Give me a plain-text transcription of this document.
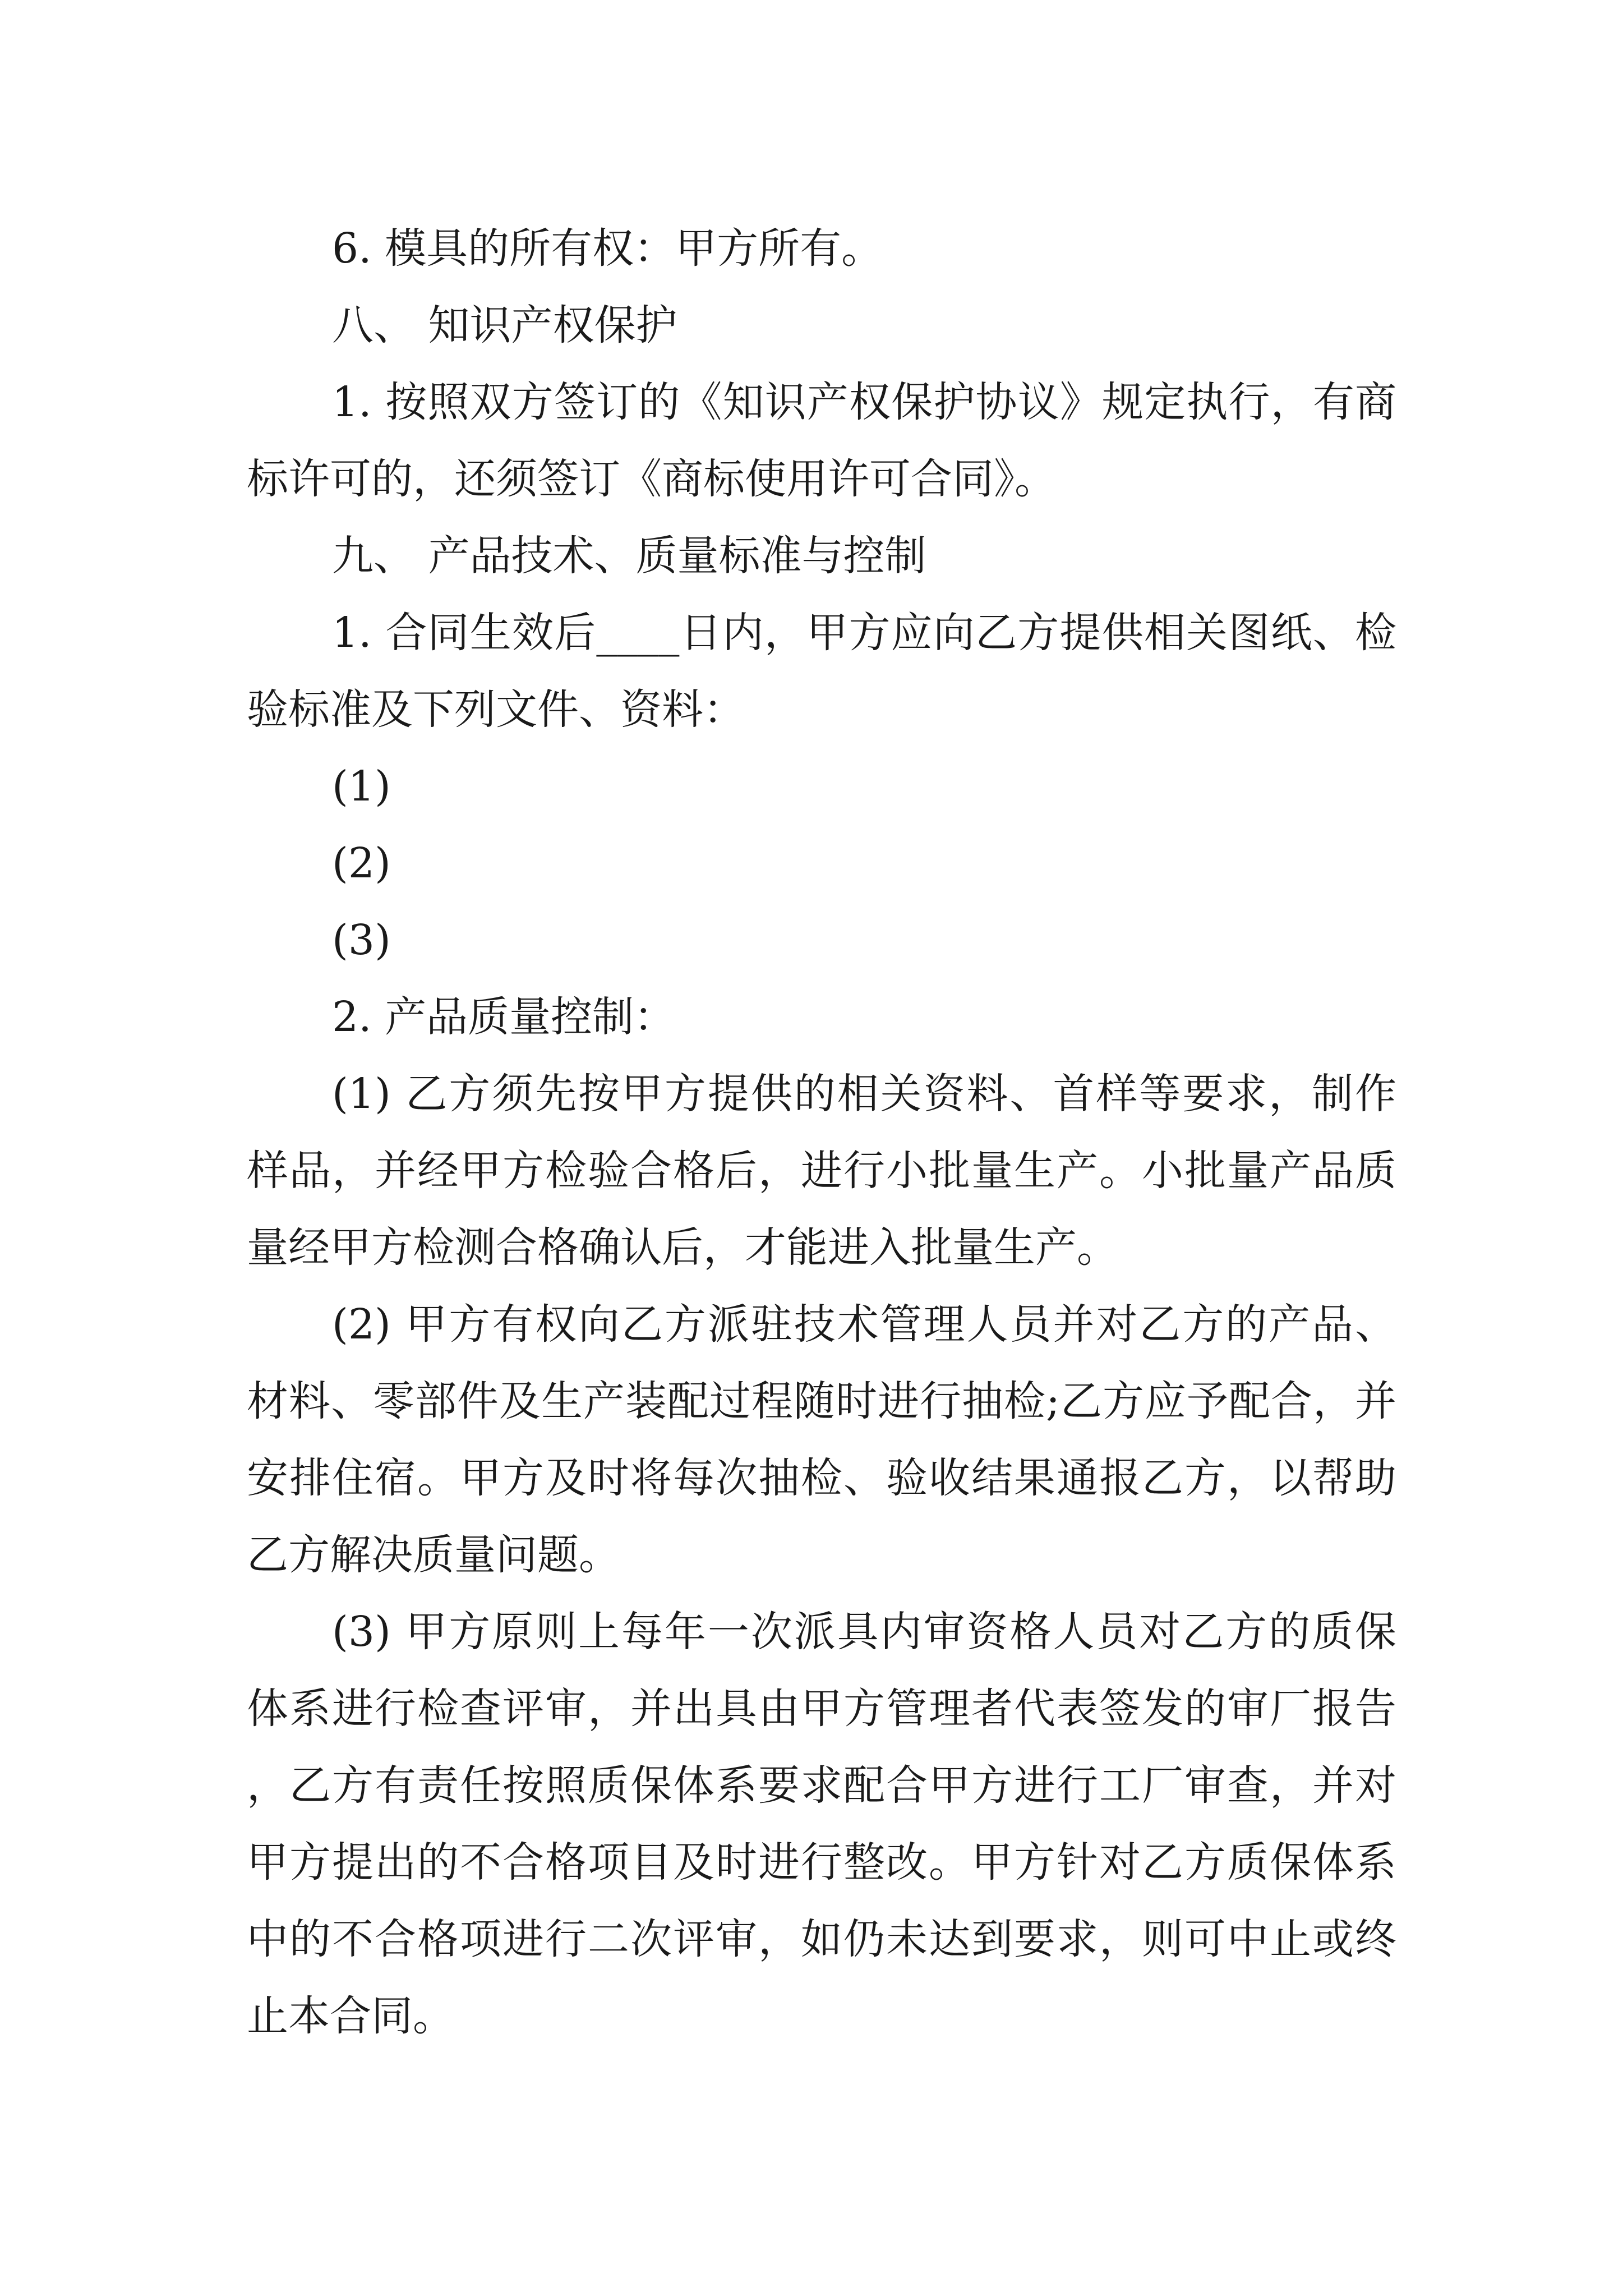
6. 模具的所有权：甲方所有。

八、 知识产权保护

1. 按照双方签订的《知识产权保护协议》规定执行，有商标许可的，还须签订《商标使用许可合同》。

九、 产品技术、质量标准与控制

1. 合同生效后____日内，甲方应向乙方提供相关图纸、检验标准及下列文件、资料：

(1)

(2)

(3)

2. 产品质量控制：

(1) 乙方须先按甲方提供的相关资料、首样等要求，制作样品，并经甲方检验合格后，进行小批量生产。小批量产品质量经甲方检测合格确认后，才能进入批量生产。

(2) 甲方有权向乙方派驻技术管理人员并对乙方的产品、材料、零部件及生产装配过程随时进行抽检;乙方应予配合，并安排住宿。甲方及时将每次抽检、验收结果通报乙方，以帮助乙方解决质量问题。

(3) 甲方原则上每年一次派具内审资格人员对乙方的质保体系进行检查评审，并出具由甲方管理者代表签发的审厂报告，乙方有责任按照质保体系要求配合甲方进行工厂审查，并对甲方提出的不合格项目及时进行整改。甲方针对乙方质保体系中的不合格项进行二次评审，如仍未达到要求，则可中止或终止本合同。
